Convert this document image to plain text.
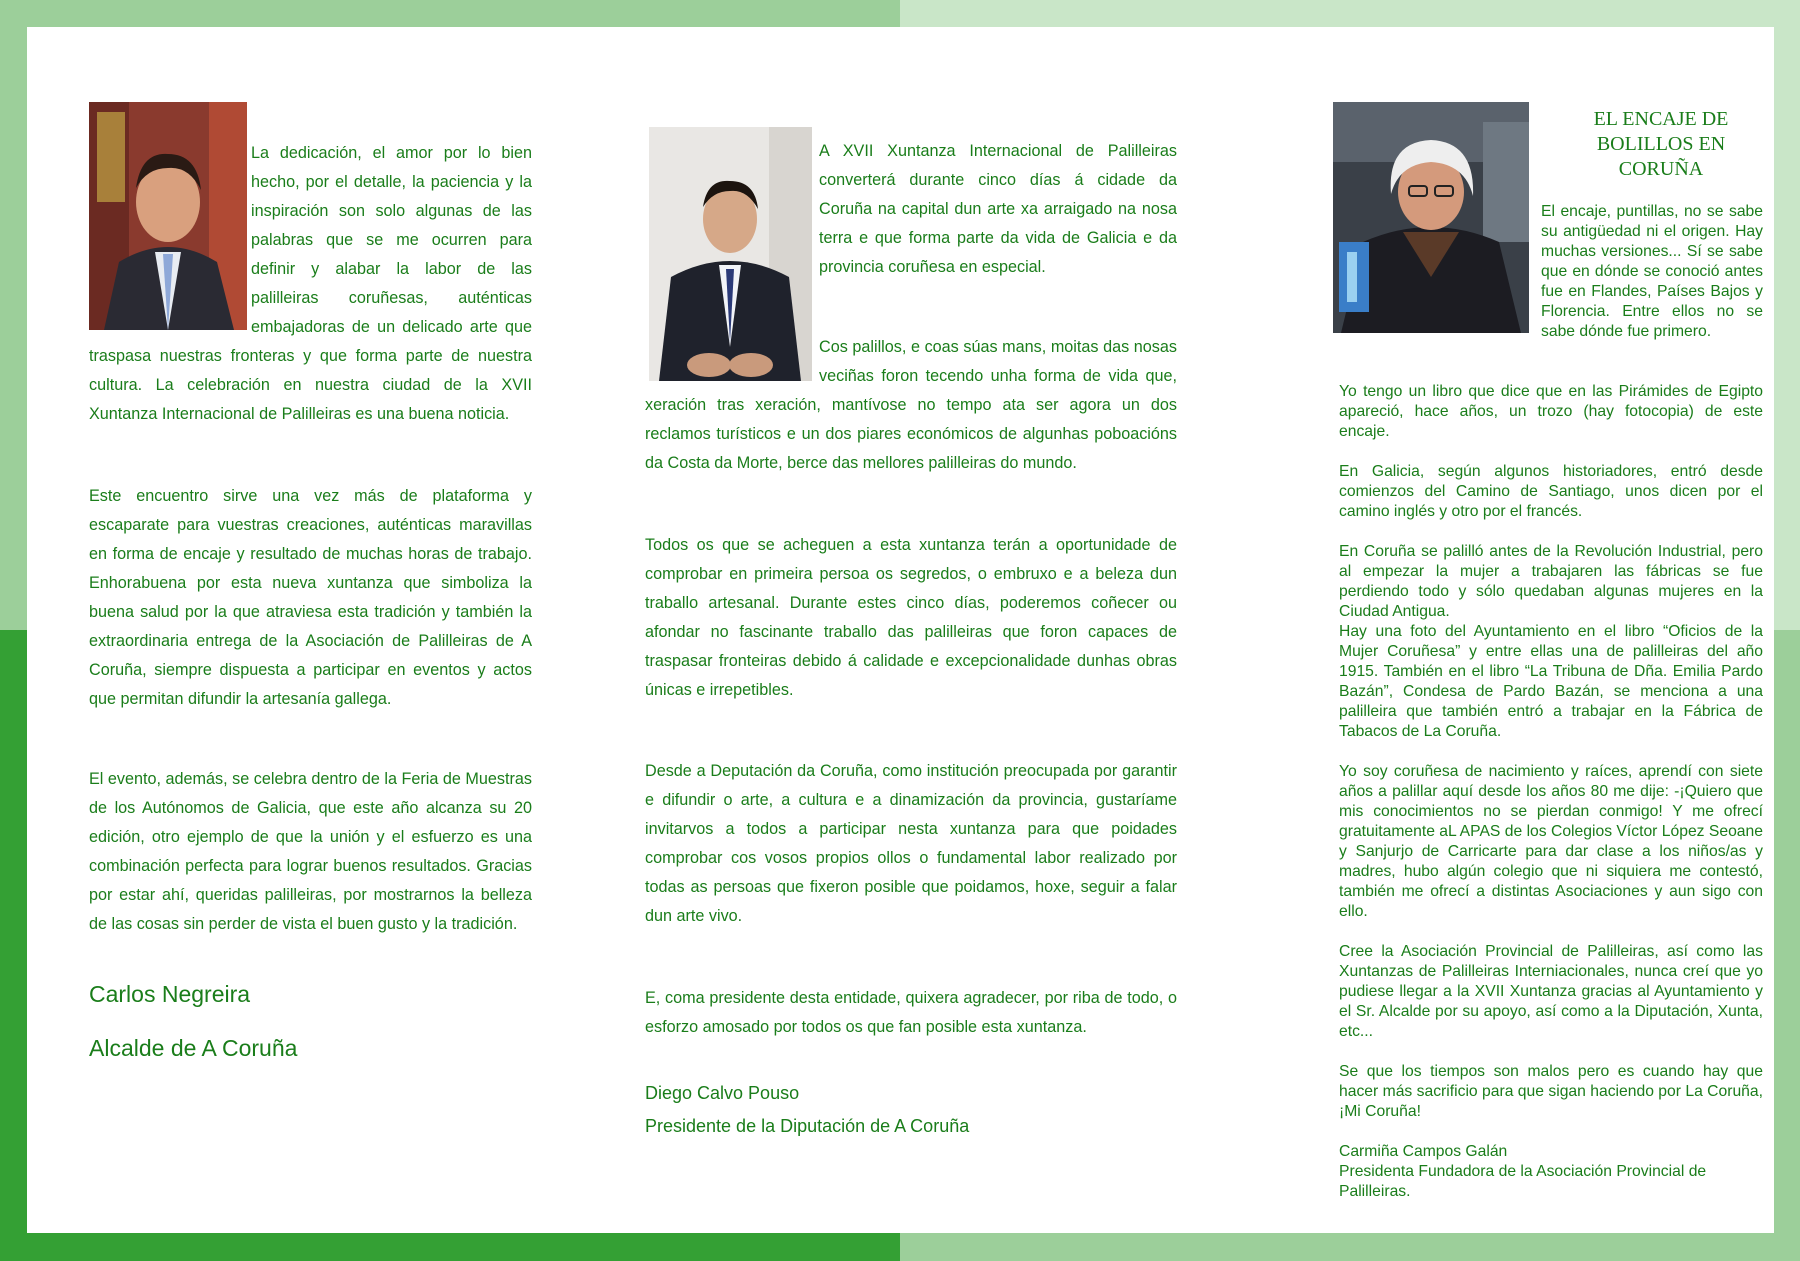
La dedicación, el amor por lo bien hecho, por el detalle, la paciencia y la inspiración son solo algunas de las palabras que se me ocurren para definir y alabar la labor de las palilleiras coruñesas, auténticas embajadoras de un delicado arte que traspasa nuestras fronteras y que forma parte de nuestra cultura. La celebración en nuestra ciudad de la XVII Xuntanza Internacional de Palilleiras es una buena noticia.

Este encuentro sirve una vez más de plataforma y escaparate para vuestras creaciones, auténticas maravillas en forma de encaje y resultado de muchas horas de trabajo. Enhorabuena por esta nueva xuntanza que simboliza la buena salud por la que atraviesa esta tradición y también la extraordinaria entrega de la Asociación de Palilleiras de A Coruña, siempre dispuesta a participar en eventos y actos que permitan difundir la artesanía gallega.

El evento, además, se celebra dentro de la Feria de Muestras de los Autónomos de Galicia, que este año alcanza su 20 edición, otro ejemplo de que la unión y el esfuerzo es una combinación perfecta para lograr buenos resultados. Gracias por estar ahí, queridas palilleiras, por mostrarnos la belleza de las cosas sin perder de vista el buen gusto y la tradición.

Carlos Negreira
Alcalde de A Coruña

A XVII Xuntanza Internacional de Palilleiras converterá durante cinco días á cidade da Coruña na capital dun arte xa arraigado na nosa terra e que forma parte da vida de Galicia e da provincia coruñesa en especial.

Cos palillos, e coas súas mans, moitas das nosas veciñas foron tecendo unha forma de vida que, xeración tras xeración, mantívose no tempo ata ser agora un dos reclamos turísticos e un dos piares económicos de algunhas poboacións da Costa da Morte, berce das mellores palilleiras do mundo.

Todos os que se acheguen a esta xuntanza terán a oportunidade de comprobar en primeira persoa os segredos, o embruxo e a beleza dun traballo artesanal. Durante estes cinco días, poderemos coñecer ou afondar no fascinante traballo das palilleiras que foron capaces de traspasar fronteiras debido á calidade e excepcionalidade dunhas obras únicas e irrepetibles.

Desde a Deputación da Coruña, como institución preocupada por garantir e difundir o arte, a cultura e a dinamización da provincia, gustaríame invitarvos a todos a participar nesta xuntanza para que poidades comprobar cos vosos propios ollos o fundamental labor realizado por todas as persoas que fixeron posible que poidamos, hoxe, seguir a falar dun arte vivo.

E, coma presidente desta entidade, quixera agradecer, por riba de todo, o esforzo amosado por todos os que fan posible esta xuntanza.

Diego Calvo Pouso
Presidente de la Diputación de A Coruña
EL ENCAJE DE BOLILLOS EN CORUÑA

El encaje, puntillas, no se sabe su antigüedad ni el origen. Hay muchas versiones... Sí se sabe que en dónde se conoció antes fue en Flandes, Países Bajos y Florencia. Entre ellos no se sabe dónde fue primero.

Yo tengo un libro que dice que en las Pirámides de Egipto apareció, hace años, un trozo (hay fotocopia) de este encaje.

En Galicia, según algunos historiadores, entró desde comienzos del Camino de Santiago, unos dicen por el camino inglés y otro por el francés.

En Coruña se palilló antes de la Revolución Industrial, pero al empezar la mujer a trabajaren las fábricas se fue perdiendo todo y sólo quedaban algunas mujeres en la Ciudad Antigua.

Hay una foto del Ayuntamiento en el libro “Oficios de la Mujer Coruñesa” y entre ellas una de palilleiras del año 1915. También en el libro “La Tribuna de Dña. Emilia Pardo Bazán”, Condesa de Pardo Bazán, se menciona a una palilleira que también entró a trabajar en la Fábrica de Tabacos de La Coruña.

Yo soy coruñesa de nacimiento y raíces, aprendí con siete años a palillar aquí desde los años 80 me dije: -¡Quiero que mis conocimientos no se pierdan conmigo! Y me ofrecí gratuitamente aL APAS de los Colegios Víctor López Seoane y Sanjurjo de Carricarte para dar clase a los niños/as y madres, hubo algún colegio que ni siquiera me contestó, también me ofrecí a distintas Asociaciones y aun sigo con ello.

Cree la Asociación Provincial de Palilleiras, así como las Xuntanzas de Palilleiras Interniacionales, nunca creí que yo pudiese llegar a la XVII Xuntanza gracias al Ayuntamiento y el Sr. Alcalde por su apoyo, así como a la Diputación, Xunta, etc...

Se que los tiempos son malos pero es cuando hay que hacer más sacrificio para que sigan haciendo por La Coruña, ¡Mi Coruña!

Carmiña Campos Galán
Presidenta Fundadora de la Asociación Provincial de Palilleiras.
